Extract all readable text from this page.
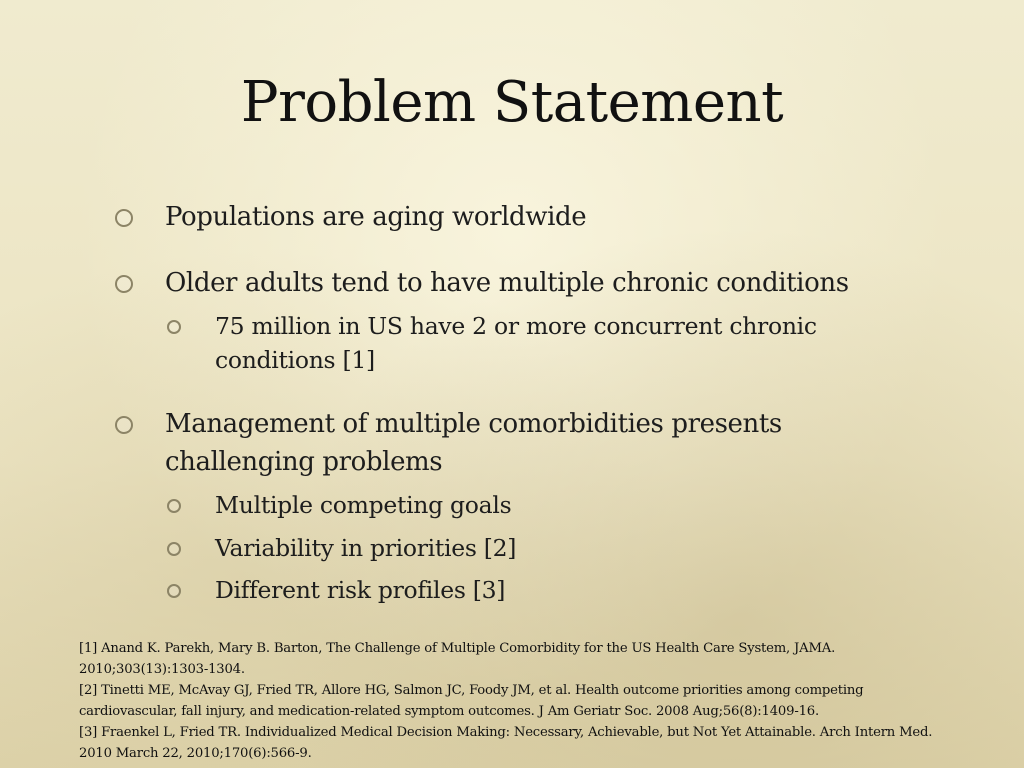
Problem Statement
Populations are aging worldwide
Older adults tend to have multiple chronic conditions
75 million in US have 2 or more concurrent chronic conditions [1]
Management of multiple comorbidities presents challenging problems
Multiple competing goals
Variability in priorities [2]
Different risk profiles [3]
[1] Anand K. Parekh, Mary B. Barton, The Challenge of Multiple Comorbidity for the US Health Care System, JAMA. 2010;303(13):1303-1304.
[2] Tinetti ME, McAvay GJ, Fried TR, Allore HG, Salmon JC, Foody JM, et al. Health outcome priorities among competing cardiovascular, fall injury, and medication-related symptom outcomes. J Am Geriatr Soc. 2008 Aug;56(8):1409-16.
[3] Fraenkel L, Fried TR. Individualized Medical Decision Making: Necessary, Achievable, but Not Yet Attainable. Arch Intern Med. 2010 March 22, 2010;170(6):566-9.
